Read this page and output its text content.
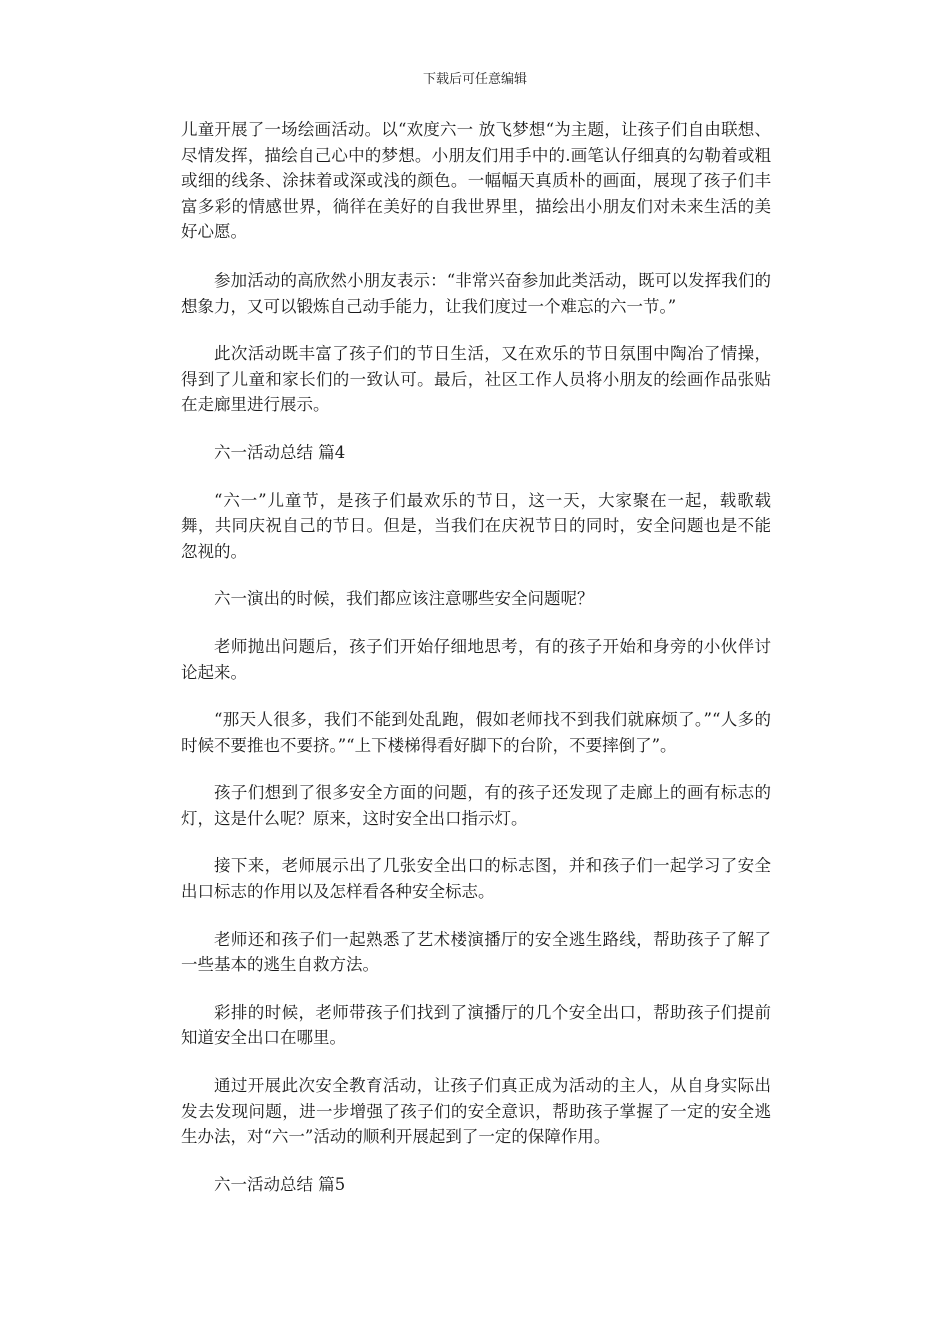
下载后可任意编辑

儿童开展了一场绘画活动。以“欢度六一 放飞梦想“为主题，让孩子们自由联想、尽情发挥，描绘自己心中的梦想。小朋友们用手中的.画笔认仔细真的勾勒着或粗或细的线条、涂抹着或深或浅的颜色。一幅幅天真质朴的画面，展现了孩子们丰富多彩的情感世界，徜徉在美好的自我世界里，描绘出小朋友们对未来生活的美好心愿。

参加活动的高欣然小朋友表示：“非常兴奋参加此类活动，既可以发挥我们的想象力，又可以锻炼自己动手能力，让我们度过一个难忘的六一节。”

此次活动既丰富了孩子们的节日生活，又在欢乐的节日氛围中陶冶了情操，得到了儿童和家长们的一致认可。最后，社区工作人员将小朋友的绘画作品张贴在走廊里进行展示。

六一活动总结 篇4

“六一”儿童节，是孩子们最欢乐的节日，这一天，大家聚在一起，载歌载舞，共同庆祝自己的节日。但是，当我们在庆祝节日的同时，安全问题也是不能忽视的。

六一演出的时候，我们都应该注意哪些安全问题呢？

老师抛出问题后，孩子们开始仔细地思考，有的孩子开始和身旁的小伙伴讨论起来。

“那天人很多，我们不能到处乱跑，假如老师找不到我们就麻烦了。”“人多的时候不要推也不要挤。”“上下楼梯得看好脚下的台阶，不要摔倒了”。

孩子们想到了很多安全方面的问题，有的孩子还发现了走廊上的画有标志的灯，这是什么呢？原来，这时安全出口指示灯。

接下来，老师展示出了几张安全出口的标志图，并和孩子们一起学习了安全出口标志的作用以及怎样看各种安全标志。

老师还和孩子们一起熟悉了艺术楼演播厅的安全逃生路线，帮助孩子了解了一些基本的逃生自救方法。

彩排的时候，老师带孩子们找到了演播厅的几个安全出口，帮助孩子们提前知道安全出口在哪里。

通过开展此次安全教育活动，让孩子们真正成为活动的主人，从自身实际出发去发现问题，进一步增强了孩子们的安全意识，帮助孩子掌握了一定的安全逃生办法，对“六一”活动的顺利开展起到了一定的保障作用。

六一活动总结 篇5
